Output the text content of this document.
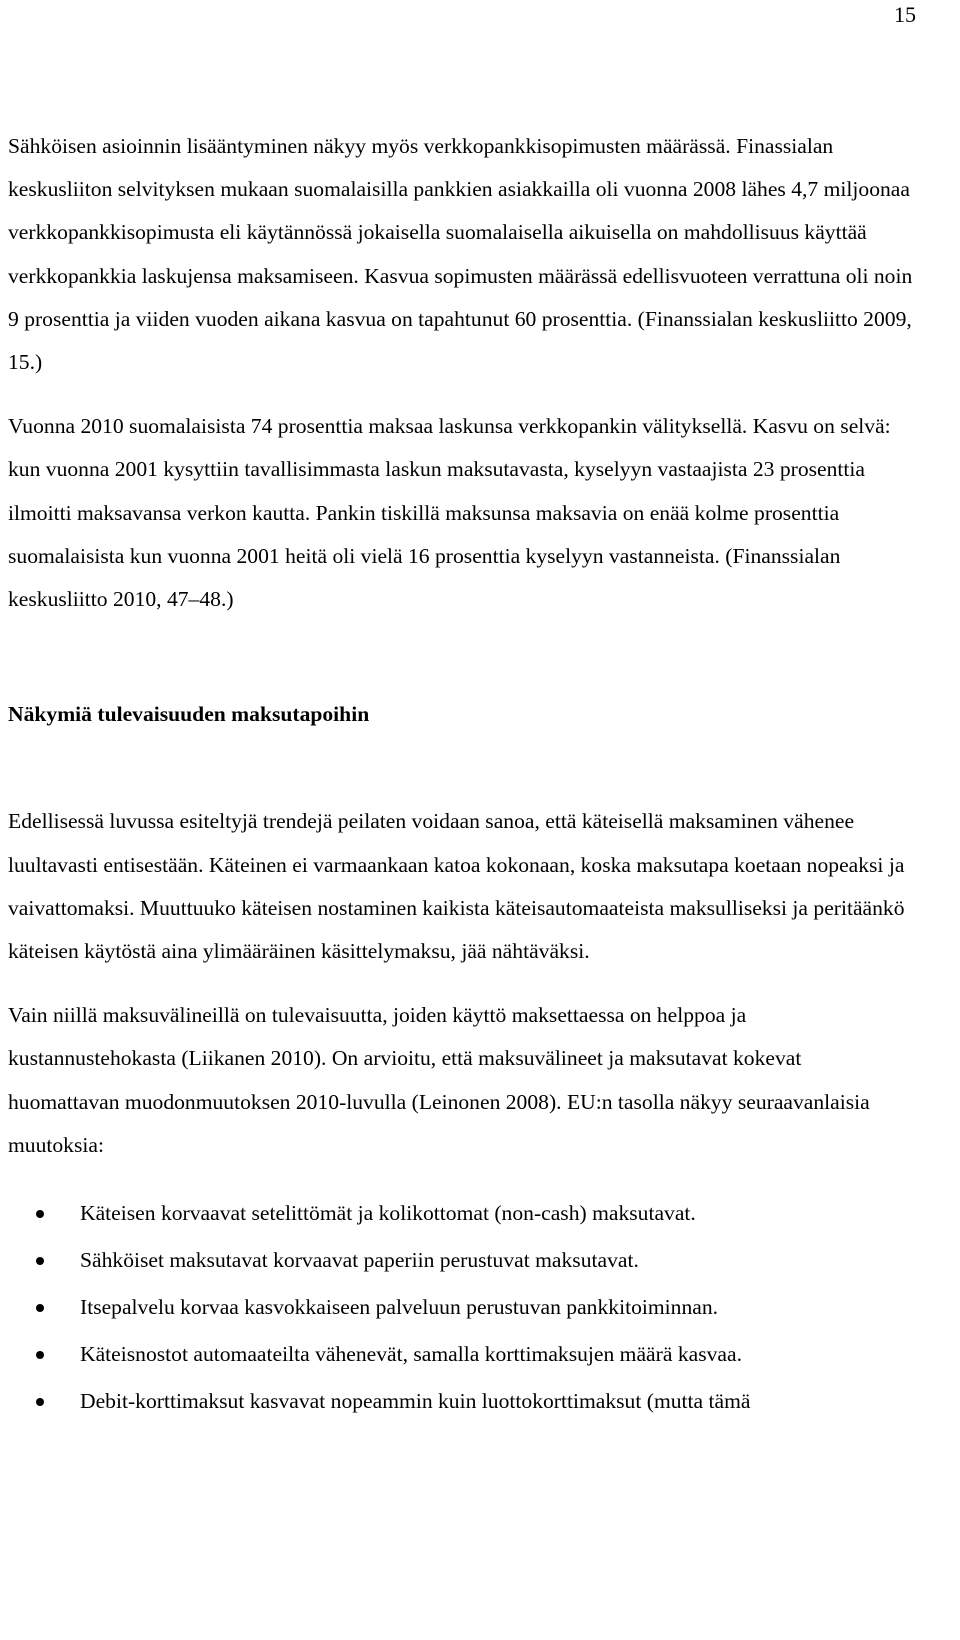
15

Sähköisen asioinnin lisääntyminen näkyy myös verkkopankkisopimusten määrässä. Finassialan keskusliiton selvityksen mukaan suomalaisilla pankkien asiakkailla oli vuonna 2008 lähes 4,7 miljoonaa verkkopankkisopimusta eli käytännössä jokaisella suomalaisella aikuisella on mahdollisuus käyttää verkkopankkia laskujensa maksamiseen. Kasvua sopimusten määrässä edellisvuoteen verrattuna oli noin 9 prosenttia ja viiden vuoden aikana kasvua on tapahtunut 60 prosenttia. (Finanssialan keskusliitto 2009, 15.)

Vuonna 2010 suomalaisista 74 prosenttia maksaa laskunsa verkkopankin välityksellä. Kasvu on selvä: kun vuonna 2001 kysyttiin tavallisimmasta laskun maksutavasta, kyselyyn vastaajista 23 prosenttia ilmoitti maksavansa verkon kautta. Pankin tiskillä maksunsa maksavia on enää kolme prosenttia suomalaisista kun vuonna 2001 heitä oli vielä 16 prosenttia kyselyyn vastanneista. (Finanssialan keskusliitto 2010, 47–48.)

Näkymiä tulevaisuuden maksutapoihin

Edellisessä luvussa esiteltyjä trendejä peilaten voidaan sanoa, että käteisellä maksaminen vähenee luultavasti entisestään. Käteinen ei varmaankaan katoa kokonaan, koska maksutapa koetaan nopeaksi ja vaivattomaksi. Muuttuuko käteisen nostaminen kaikista käteisautomaateista maksulliseksi ja peritäänkö käteisen käytöstä aina ylimääräinen käsittelymaksu, jää nähtäväksi.

Vain niillä maksuvälineillä on tulevaisuutta, joiden käyttö maksettaessa on helppoa ja kustannustehokasta (Liikanen 2010). On arvioitu, että maksuvälineet ja maksutavat kokevat huomattavan muodonmuutoksen 2010-luvulla (Leinonen 2008). EU:n tasolla näkyy seuraavanlaisia muutoksia:

Käteisen korvaavat setelittömät ja kolikottomat (non-cash) maksutavat.
Sähköiset maksutavat korvaavat paperiin perustuvat maksutavat.
Itsepalvelu korvaa kasvokkaiseen palveluun perustuvan pankkitoiminnan.
Käteisnostot automaateilta vähenevät, samalla korttimaksujen määrä kasvaa.
Debit-korttimaksut kasvavat nopeammin kuin luottokorttimaksut (mutta tämä
